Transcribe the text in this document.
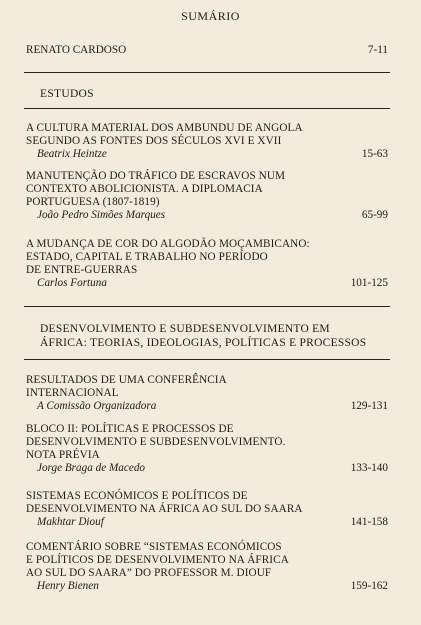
SUMÁRIO
RENATO CARDOSO	7-11
ESTUDOS
A CULTURA MATERIAL DOS AMBUNDU DE ANGOLA
SEGUNDO AS FONTES DOS SÉCULOS XVI E XVII
Beatrix Heintze	15-63
MANUTENÇÃO DO TRÁFICO DE ESCRAVOS NUM
CONTEXTO ABOLICIONISTA. A DIPLOMACIA
PORTUGUESA (1807-1819)
João Pedro Simões Marques	65-99
A MUDANÇA DE COR DO ALGODÃO MOÇAMBICANO:
ESTADO, CAPITAL E TRABALHO NO PERÍODO
DE ENTRE-GUERRAS
Carlos Fortuna	101-125
DESENVOLVIMENTO E SUBDESENVOLVIMENTO EM
ÁFRICA: TEORIAS, IDEOLOGIAS, POLÍTICAS E PROCESSOS
RESULTADOS DE UMA CONFERÊNCIA
INTERNACIONAL
A Comissão Organizadora	129-131
BLOCO II: POLÍTICAS E PROCESSOS DE
DESENVOLVIMENTO E SUBDESENVOLVIMENTO.
NOTA PRÉVIA
Jorge Braga de Macedo	133-140
SISTEMAS ECONÓMICOS E POLÍTICOS DE
DESENVOLVIMENTO NA ÁFRICA AO SUL DO SAARA
Makhtar Diouf	141-158
COMENTÁRIO SOBRE “SISTEMAS ECONÓMICOS
E POLÍTICOS DE DESENVOLVIMENTO NA ÁFRICA
AO SUL DO SAARA” DO PROFESSOR M. DIOUF
Henry Bienen	159-162
